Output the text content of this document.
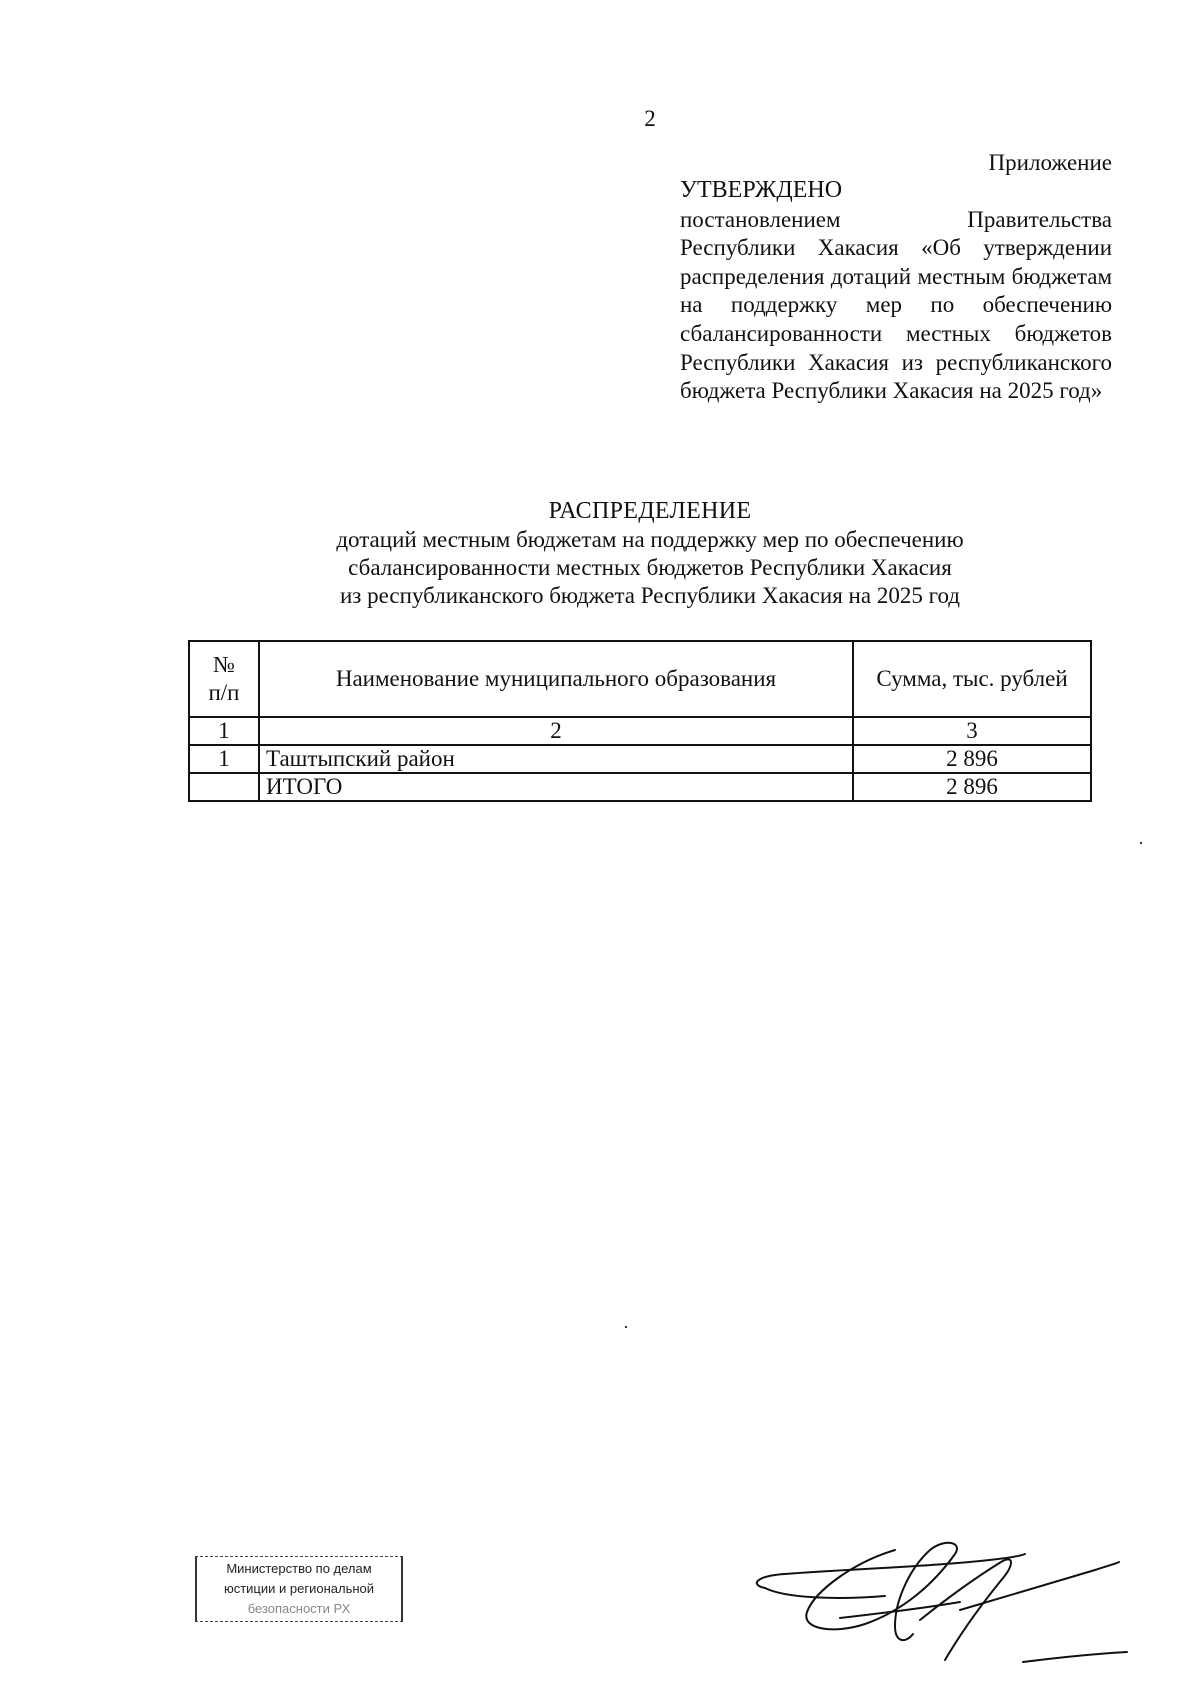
2
Приложение
УТВЕРЖДЕНО
постановлением Правительства Республики Хакасия «Об утверждении распределения дотаций местным бюджетам на поддержку мер по обеспечению сбалансированности местных бюджетов Республики Хакасия из республиканского бюджета Республики Хакасия на 2025 год»
РАСПРЕДЕЛЕНИЕ
дотаций местным бюджетам на поддержку мер по обеспечению
сбалансированности местных бюджетов Республики Хакасия
из республиканского бюджета Республики Хакасия на 2025 год
№
п/п	Наименование муниципального образования	Сумма, тыс. рублей
1	2	3
1	Таштыпский район	2 896
	ИТОГО	2 896
Министерство по делам
юстиции и региональной
безопасности РХ
